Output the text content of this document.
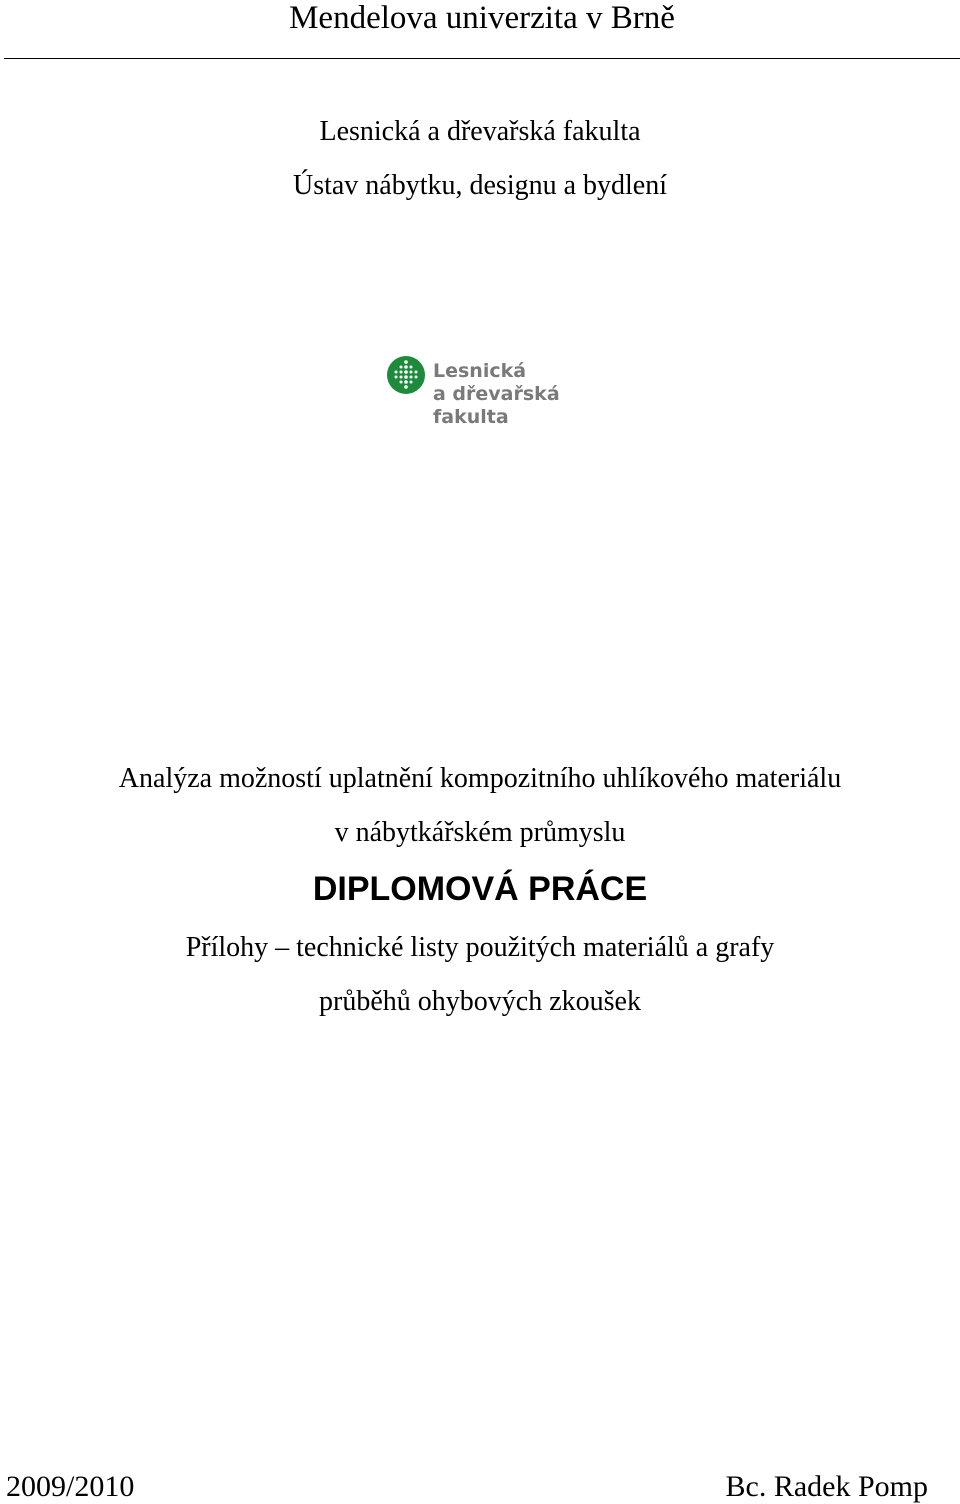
Mendelova univerzita v Brně
Lesnická a dřevařská fakulta
Ústav nábytku, designu a bydlení
Lesnická
a dřevařská
fakulta
Analýza možností uplatnění kompozitního uhlíkového materiálu
v nábytkářském průmyslu
DIPLOMOVÁ PRÁCE
Přílohy – technické listy použitých materiálů a grafy
průběhů ohybových zkoušek
2009/2010	Bc. Radek Pomp
